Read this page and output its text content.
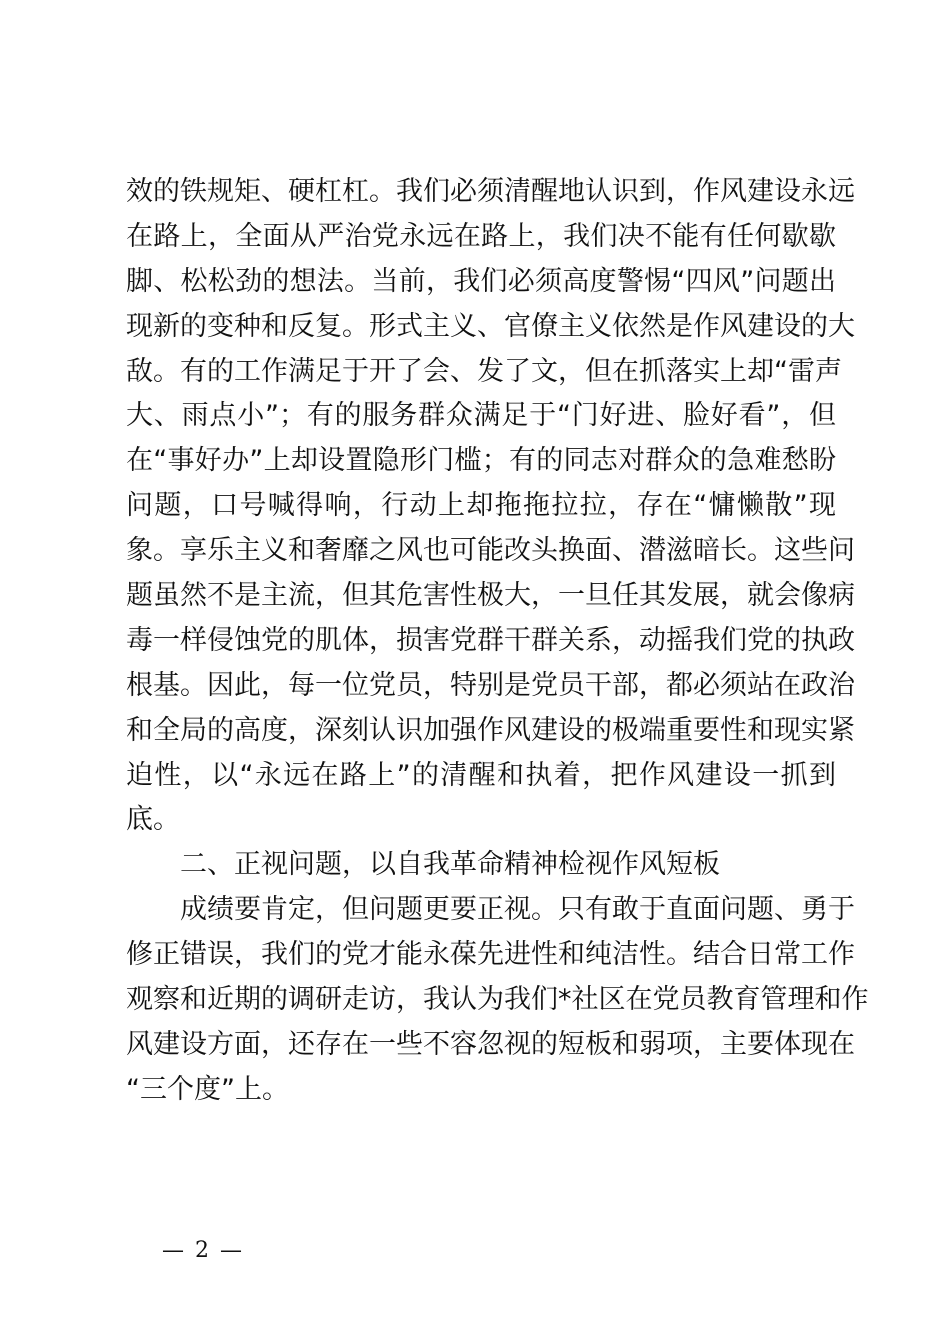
效的铁规矩、硬杠杠。我们必须清醒地认识到，作风建设永远
在路上，全面从严治党永远在路上，我们决不能有任何歇歇
脚、松松劲的想法。当前，我们必须高度警惕“四风”问题出
现新的变种和反复。形式主义、官僚主义依然是作风建设的大
敌。有的工作满足于开了会、发了文，但在抓落实上却“雷声
大、雨点小”；有的服务群众满足于“门好进、脸好看”，但
在“事好办”上却设置隐形门槛；有的同志对群众的急难愁盼
问题，口号喊得响，行动上却拖拖拉拉，存在“慵懒散”现
象。享乐主义和奢靡之风也可能改头换面、潜滋暗长。这些问
题虽然不是主流，但其危害性极大，一旦任其发展，就会像病
毒一样侵蚀党的肌体，损害党群干群关系，动摇我们党的执政
根基。因此，每一位党员，特别是党员干部，都必须站在政治
和全局的高度，深刻认识加强作风建设的极端重要性和现实紧
迫性，以“永远在路上”的清醒和执着，把作风建设一抓到
底。
二、正视问题，以自我革命精神检视作风短板
成绩要肯定，但问题更要正视。只有敢于直面问题、勇于
修正错误，我们的党才能永葆先进性和纯洁性。结合日常工作
观察和近期的调研走访，我认为我们*社区在党员教育管理和作
风建设方面，还存在一些不容忽视的短板和弱项，主要体现在
“三个度”上。
— 2 —
